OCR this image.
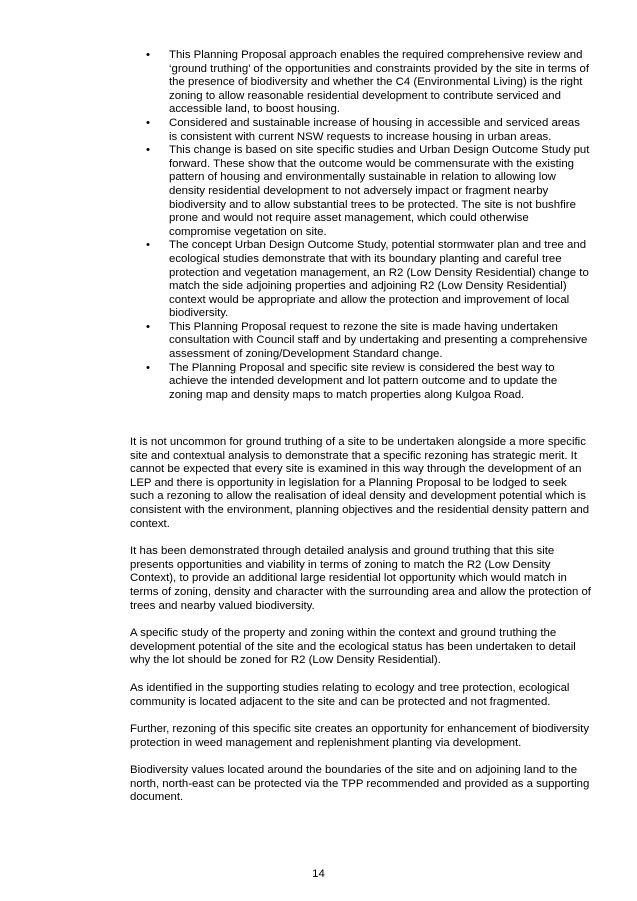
• This Planning Proposal approach enables the required comprehensive review and ‘ground truthing’ of the opportunities and constraints provided by the site in terms of the presence of biodiversity and whether the C4 (Environmental Living) is the right zoning to allow reasonable residential development to contribute serviced and accessible land, to boost housing.
• Considered and sustainable increase of housing in accessible and serviced areas is consistent with current NSW requests to increase housing in urban areas.
• This change is based on site specific studies and Urban Design Outcome Study put forward. These show that the outcome would be commensurate with the existing pattern of housing and environmentally sustainable in relation to allowing low density residential development to not adversely impact or fragment nearby biodiversity and to allow substantial trees to be protected. The site is not bushfire prone and would not require asset management, which could otherwise compromise vegetation on site.
• The concept Urban Design Outcome Study, potential stormwater plan and tree and ecological studies demonstrate that with its boundary planting and careful tree protection and vegetation management, an R2 (Low Density Residential) change to match the side adjoining properties and adjoining R2 (Low Density Residential) context would be appropriate and allow the protection and improvement of local biodiversity.
• This Planning Proposal request to rezone the site is made having undertaken consultation with Council staff and by undertaking and presenting a comprehensive assessment of zoning/Development Standard change.
• The Planning Proposal and specific site review is considered the best way to achieve the intended development and lot pattern outcome and to update the zoning map and density maps to match properties along Kulgoa Road.

It is not uncommon for ground truthing of a site to be undertaken alongside a more specific site and contextual analysis to demonstrate that a specific rezoning has strategic merit. It cannot be expected that every site is examined in this way through the development of an LEP and there is opportunity in legislation for a Planning Proposal to be lodged to seek such a rezoning to allow the realisation of ideal density and development potential which is consistent with the environment, planning objectives and the residential density pattern and context.

It has been demonstrated through detailed analysis and ground truthing that this site presents opportunities and viability in terms of zoning to match the R2 (Low Density Context), to provide an additional large residential lot opportunity which would match in terms of zoning, density and character with the surrounding area and allow the protection of trees and nearby valued biodiversity.

A specific study of the property and zoning within the context and ground truthing the development potential of the site and the ecological status has been undertaken to detail why the lot should be zoned for R2 (Low Density Residential).

As identified in the supporting studies relating to ecology and tree protection, ecological community is located adjacent to the site and can be protected and not fragmented.

Further, rezoning of this specific site creates an opportunity for enhancement of biodiversity protection in weed management and replenishment planting via development.

Biodiversity values located around the boundaries of the site and on adjoining land to the north, north-east can be protected via the TPP recommended and provided as a supporting document.

14
